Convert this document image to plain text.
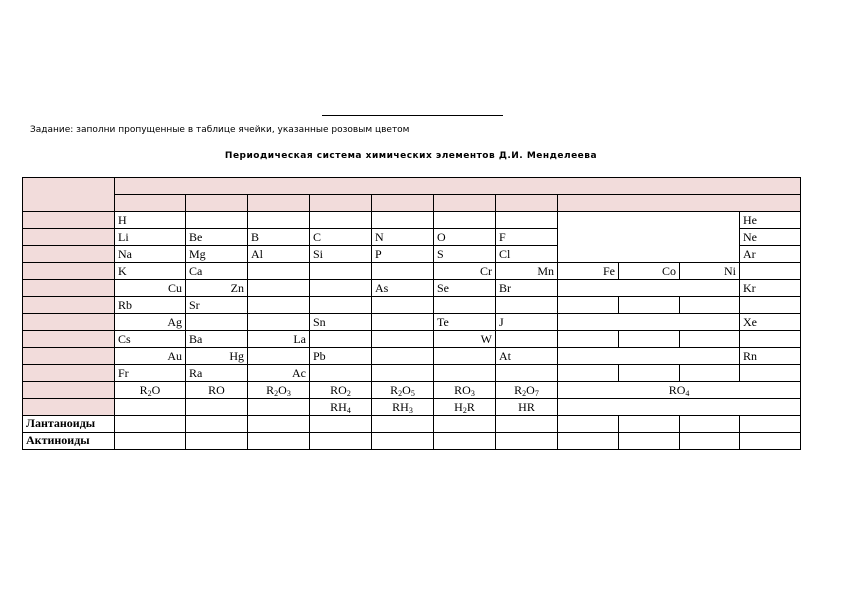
Задание: заполни пропущенные в таблице ячейки, указанные розовым цветом
Периодическая система химических элементов Д.И. Менделеева

	H										He
	Li	Be	B	C	N	O	F				Ne
	Na	Mg	Al	Si	P	S	Cl				Ar
	K	Ca				Cr	Mn	Fe	Co	Ni	
	Cu	Zn			As	Se	Br				Kr
	Rb	Sr									
	Ag			Sn		Te	J				Xe
	Cs	Ba	La			W					
	Au	Hg		Pb			At				Rn
	Fr	Ra	Ac								
	$R_2O$	RO	$R_2O_3$	$RO_2$	$R_2O_5$	$RO_3$	$R_2O_7$	$RO_4$
				$RH_4$	$RH_3$	$H_2R$	HR				
Лантаноиды											
Актиноиды											
